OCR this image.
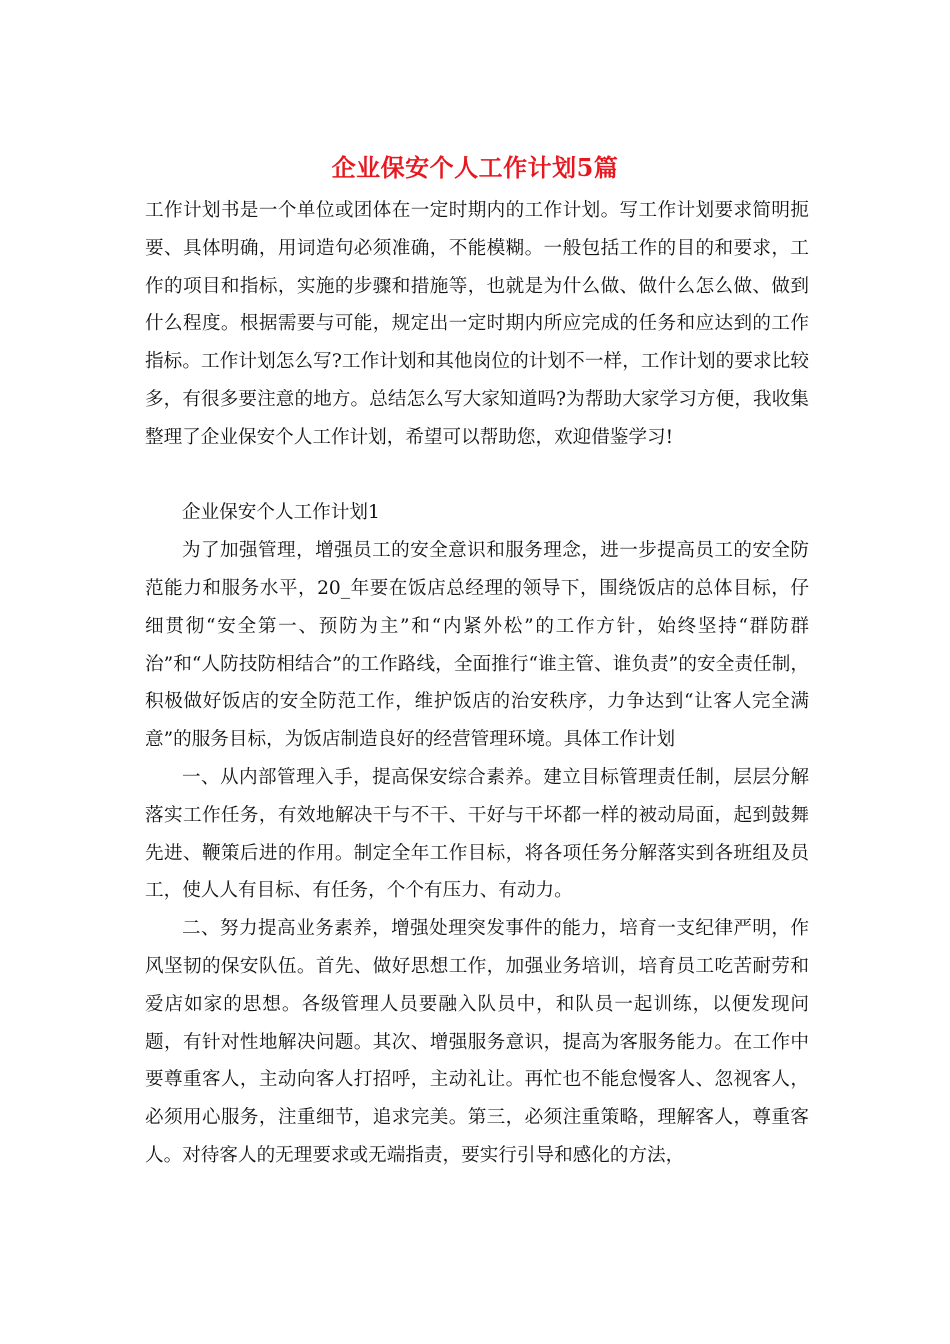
企业保安个人工作计划5篇

工作计划书是一个单位或团体在一定时期内的工作计划。写工作计划要求简明扼要、具体明确，用词造句必须准确，不能模糊。一般包括工作的目的和要求，工作的项目和指标，实施的步骤和措施等，也就是为什么做、做什么怎么做、做到什么程度。根据需要与可能，规定出一定时期内所应完成的任务和应达到的工作指标。工作计划怎么写?工作计划和其他岗位的计划不一样，工作计划的要求比较多，有很多要注意的地方。总结怎么写大家知道吗?为帮助大家学习方便，我收集整理了企业保安个人工作计划，希望可以帮助您，欢迎借鉴学习!

企业保安个人工作计划1

为了加强管理，增强员工的安全意识和服务理念，进一步提高员工的安全防范能力和服务水平，20_年要在饭店总经理的领导下，围绕饭店的总体目标，仔细贯彻“安全第一、预防为主”和“内紧外松”的工作方针，始终坚持“群防群治”和“人防技防相结合”的工作路线，全面推行“谁主管、谁负责”的安全责任制，积极做好饭店的安全防范工作，维护饭店的治安秩序，力争达到“让客人完全满意”的服务目标，为饭店制造良好的经营管理环境。具体工作计划

一、从内部管理入手，提高保安综合素养。建立目标管理责任制，层层分解落实工作任务，有效地解决干与不干、干好与干坏都一样的被动局面，起到鼓舞先进、鞭策后进的作用。制定全年工作目标，将各项任务分解落实到各班组及员工，使人人有目标、有任务，个个有压力、有动力。

二、努力提高业务素养，增强处理突发事件的能力，培育一支纪律严明，作风坚韧的保安队伍。首先、做好思想工作，加强业务培训，培育员工吃苦耐劳和爱店如家的思想。各级管理人员要融入队员中，和队员一起训练，以便发现问题，有针对性地解决问题。其次、增强服务意识，提高为客服务能力。在工作中要尊重客人，主动向客人打招呼，主动礼让。再忙也不能怠慢客人、忽视客人，必须用心服务，注重细节，追求完美。第三，必须注重策略，理解客人，尊重客人。对待客人的无理要求或无端指责，要实行引导和感化的方法，
